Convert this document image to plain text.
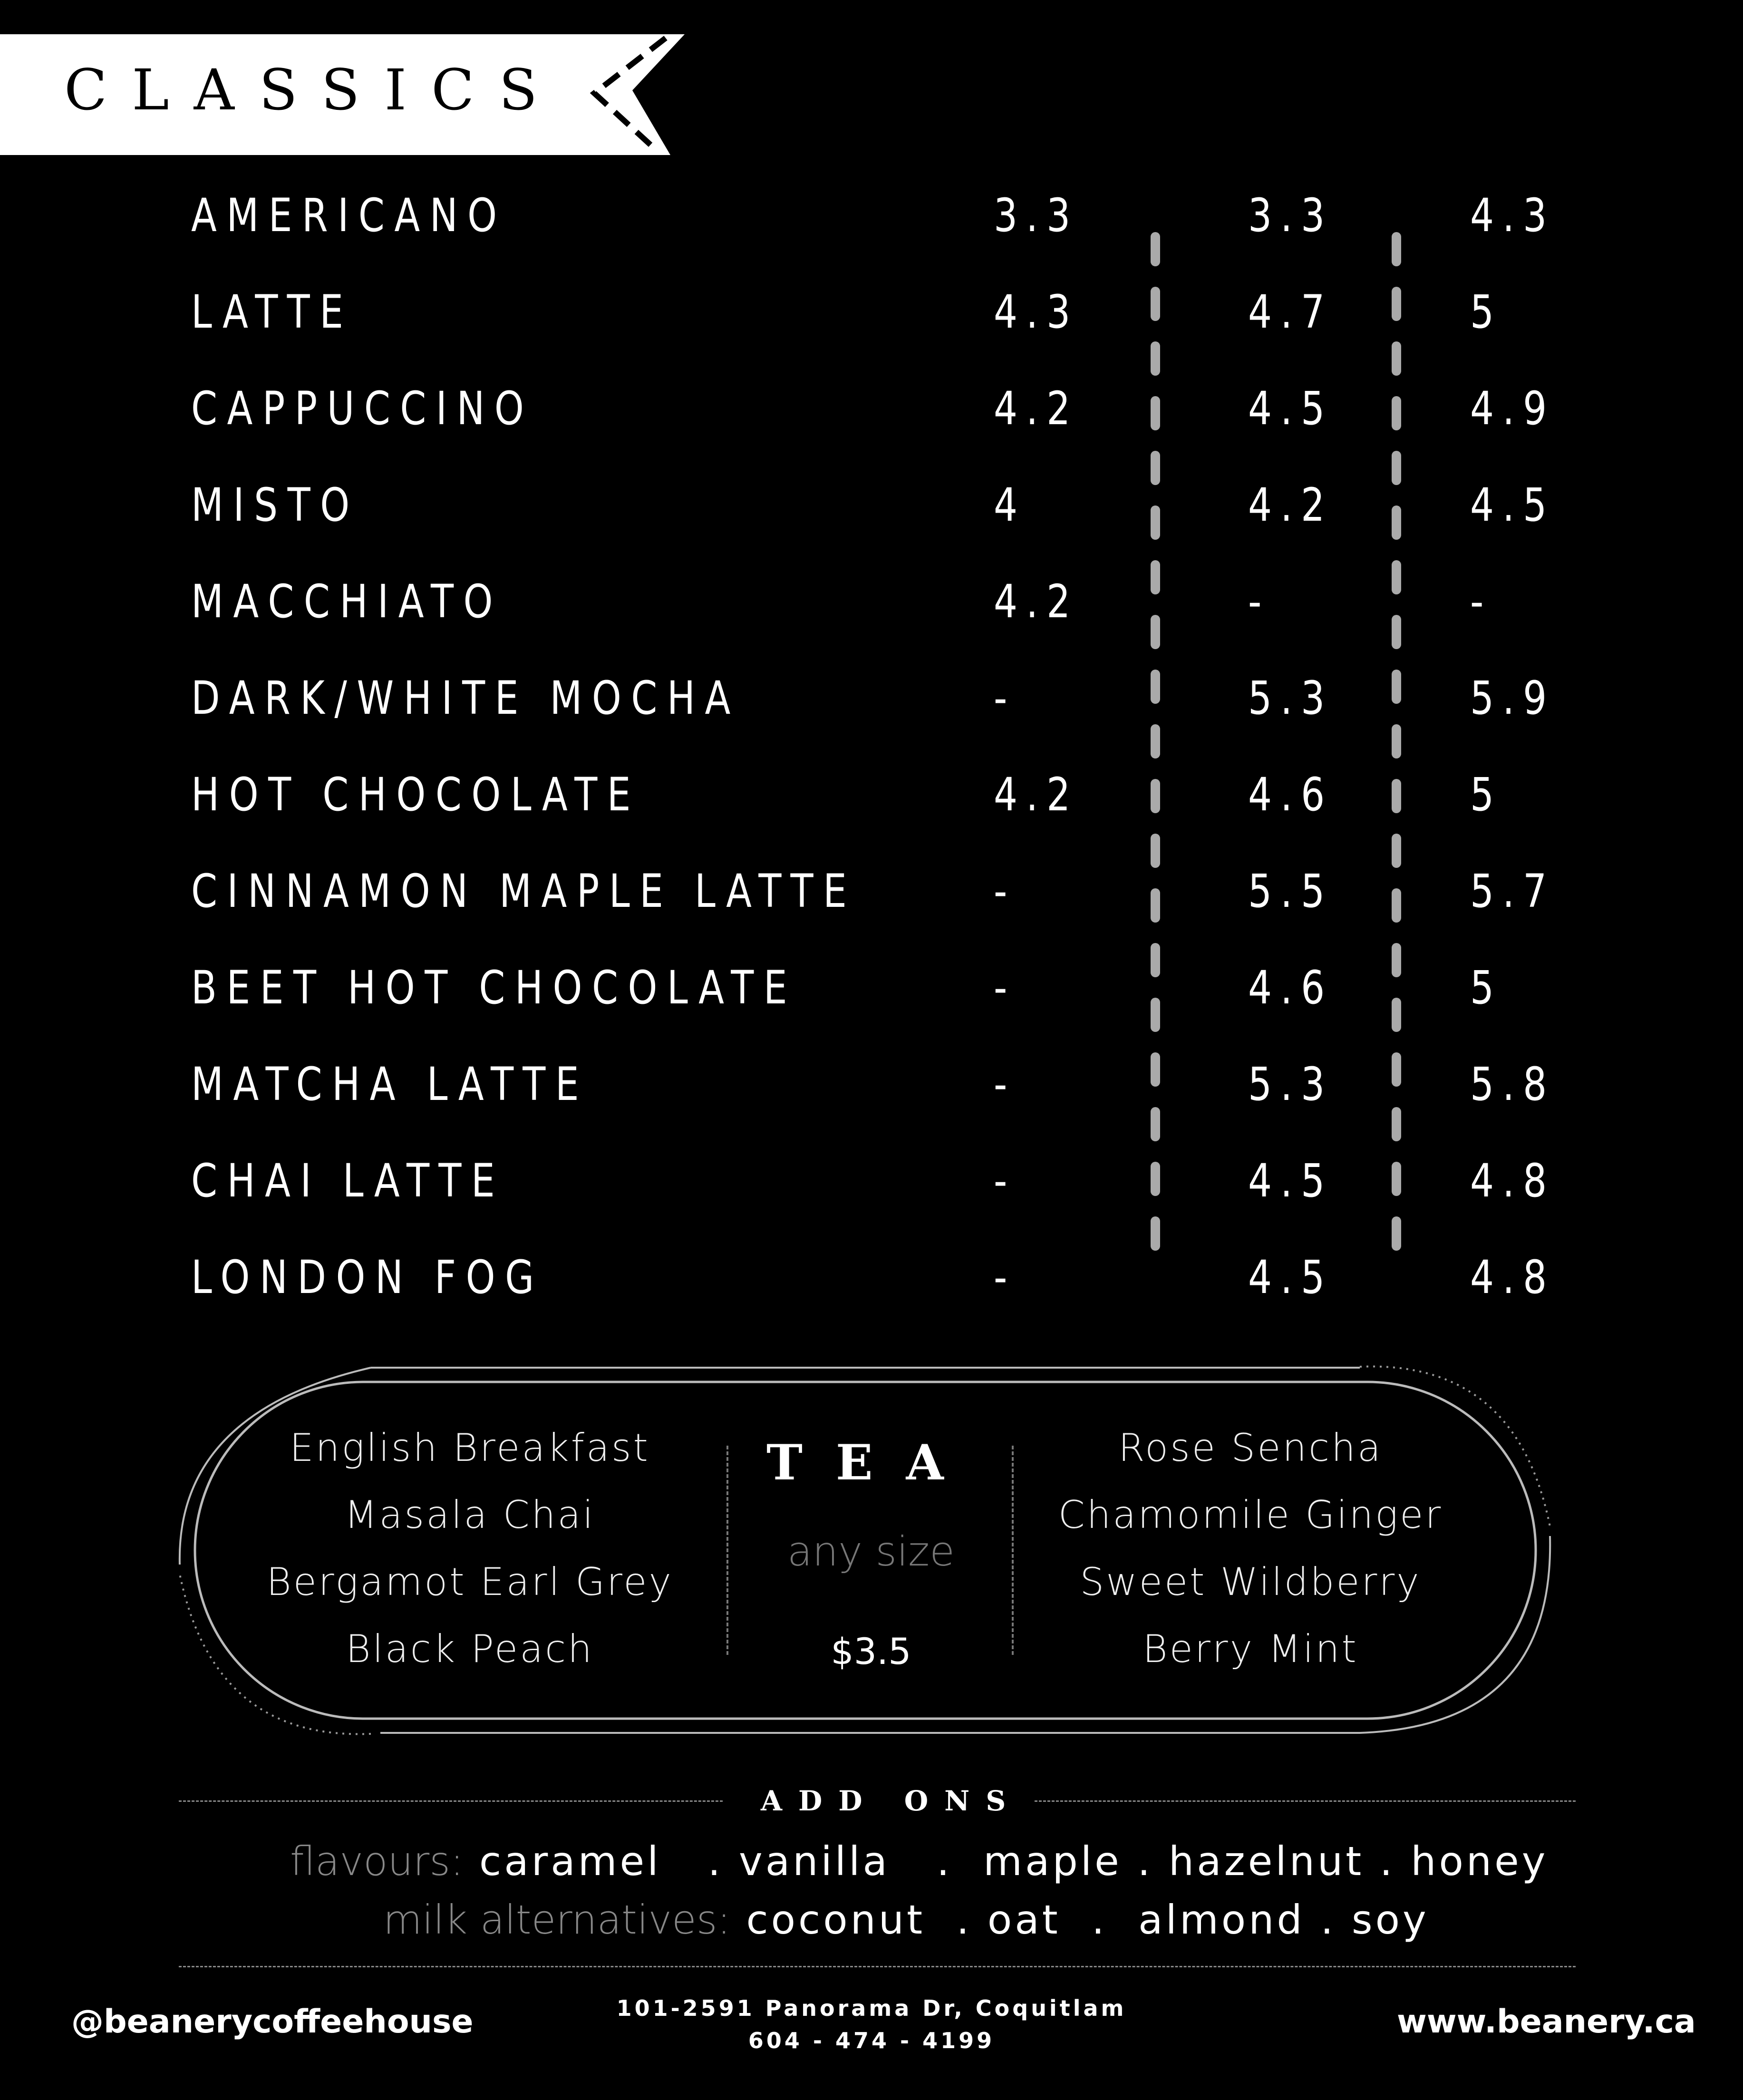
CLASSICS
AMERICANO	3.3	3.3	4.3
LATTE	4.3	4.7	5
CAPPUCCINO	4.2	4.5	4.9
MISTO	4	4.2	4.5
MACCHIATO	4.2	-	-
DARK/WHITE MOCHA	-	5.3	5.9
HOT CHOCOLATE	4.2	4.6	5
CINNAMON MAPLE LATTE	-	5.5	5.7
BEET HOT CHOCOLATE	-	4.6	5
MATCHA LATTE	-	5.3	5.8
CHAI LATTE	-	4.5	4.8
LONDON FOG	-	4.5	4.8
English Breakfast
Masala Chai
Bergamot Earl Grey
Black Peach
Rose Sencha
Chamomile Ginger
Sweet Wildberry
Berry Mint
TEA
any size
$3.5
ADD ONS
flavours: caramel   . vanilla   .  maple . hazelnut . honey
milk alternatives: coconut  . oat  .  almond . soy
@beanerycoffeehouse	101-2591 Panorama Dr, Coquitlam
604 - 474 - 4199	www.beanery.ca
